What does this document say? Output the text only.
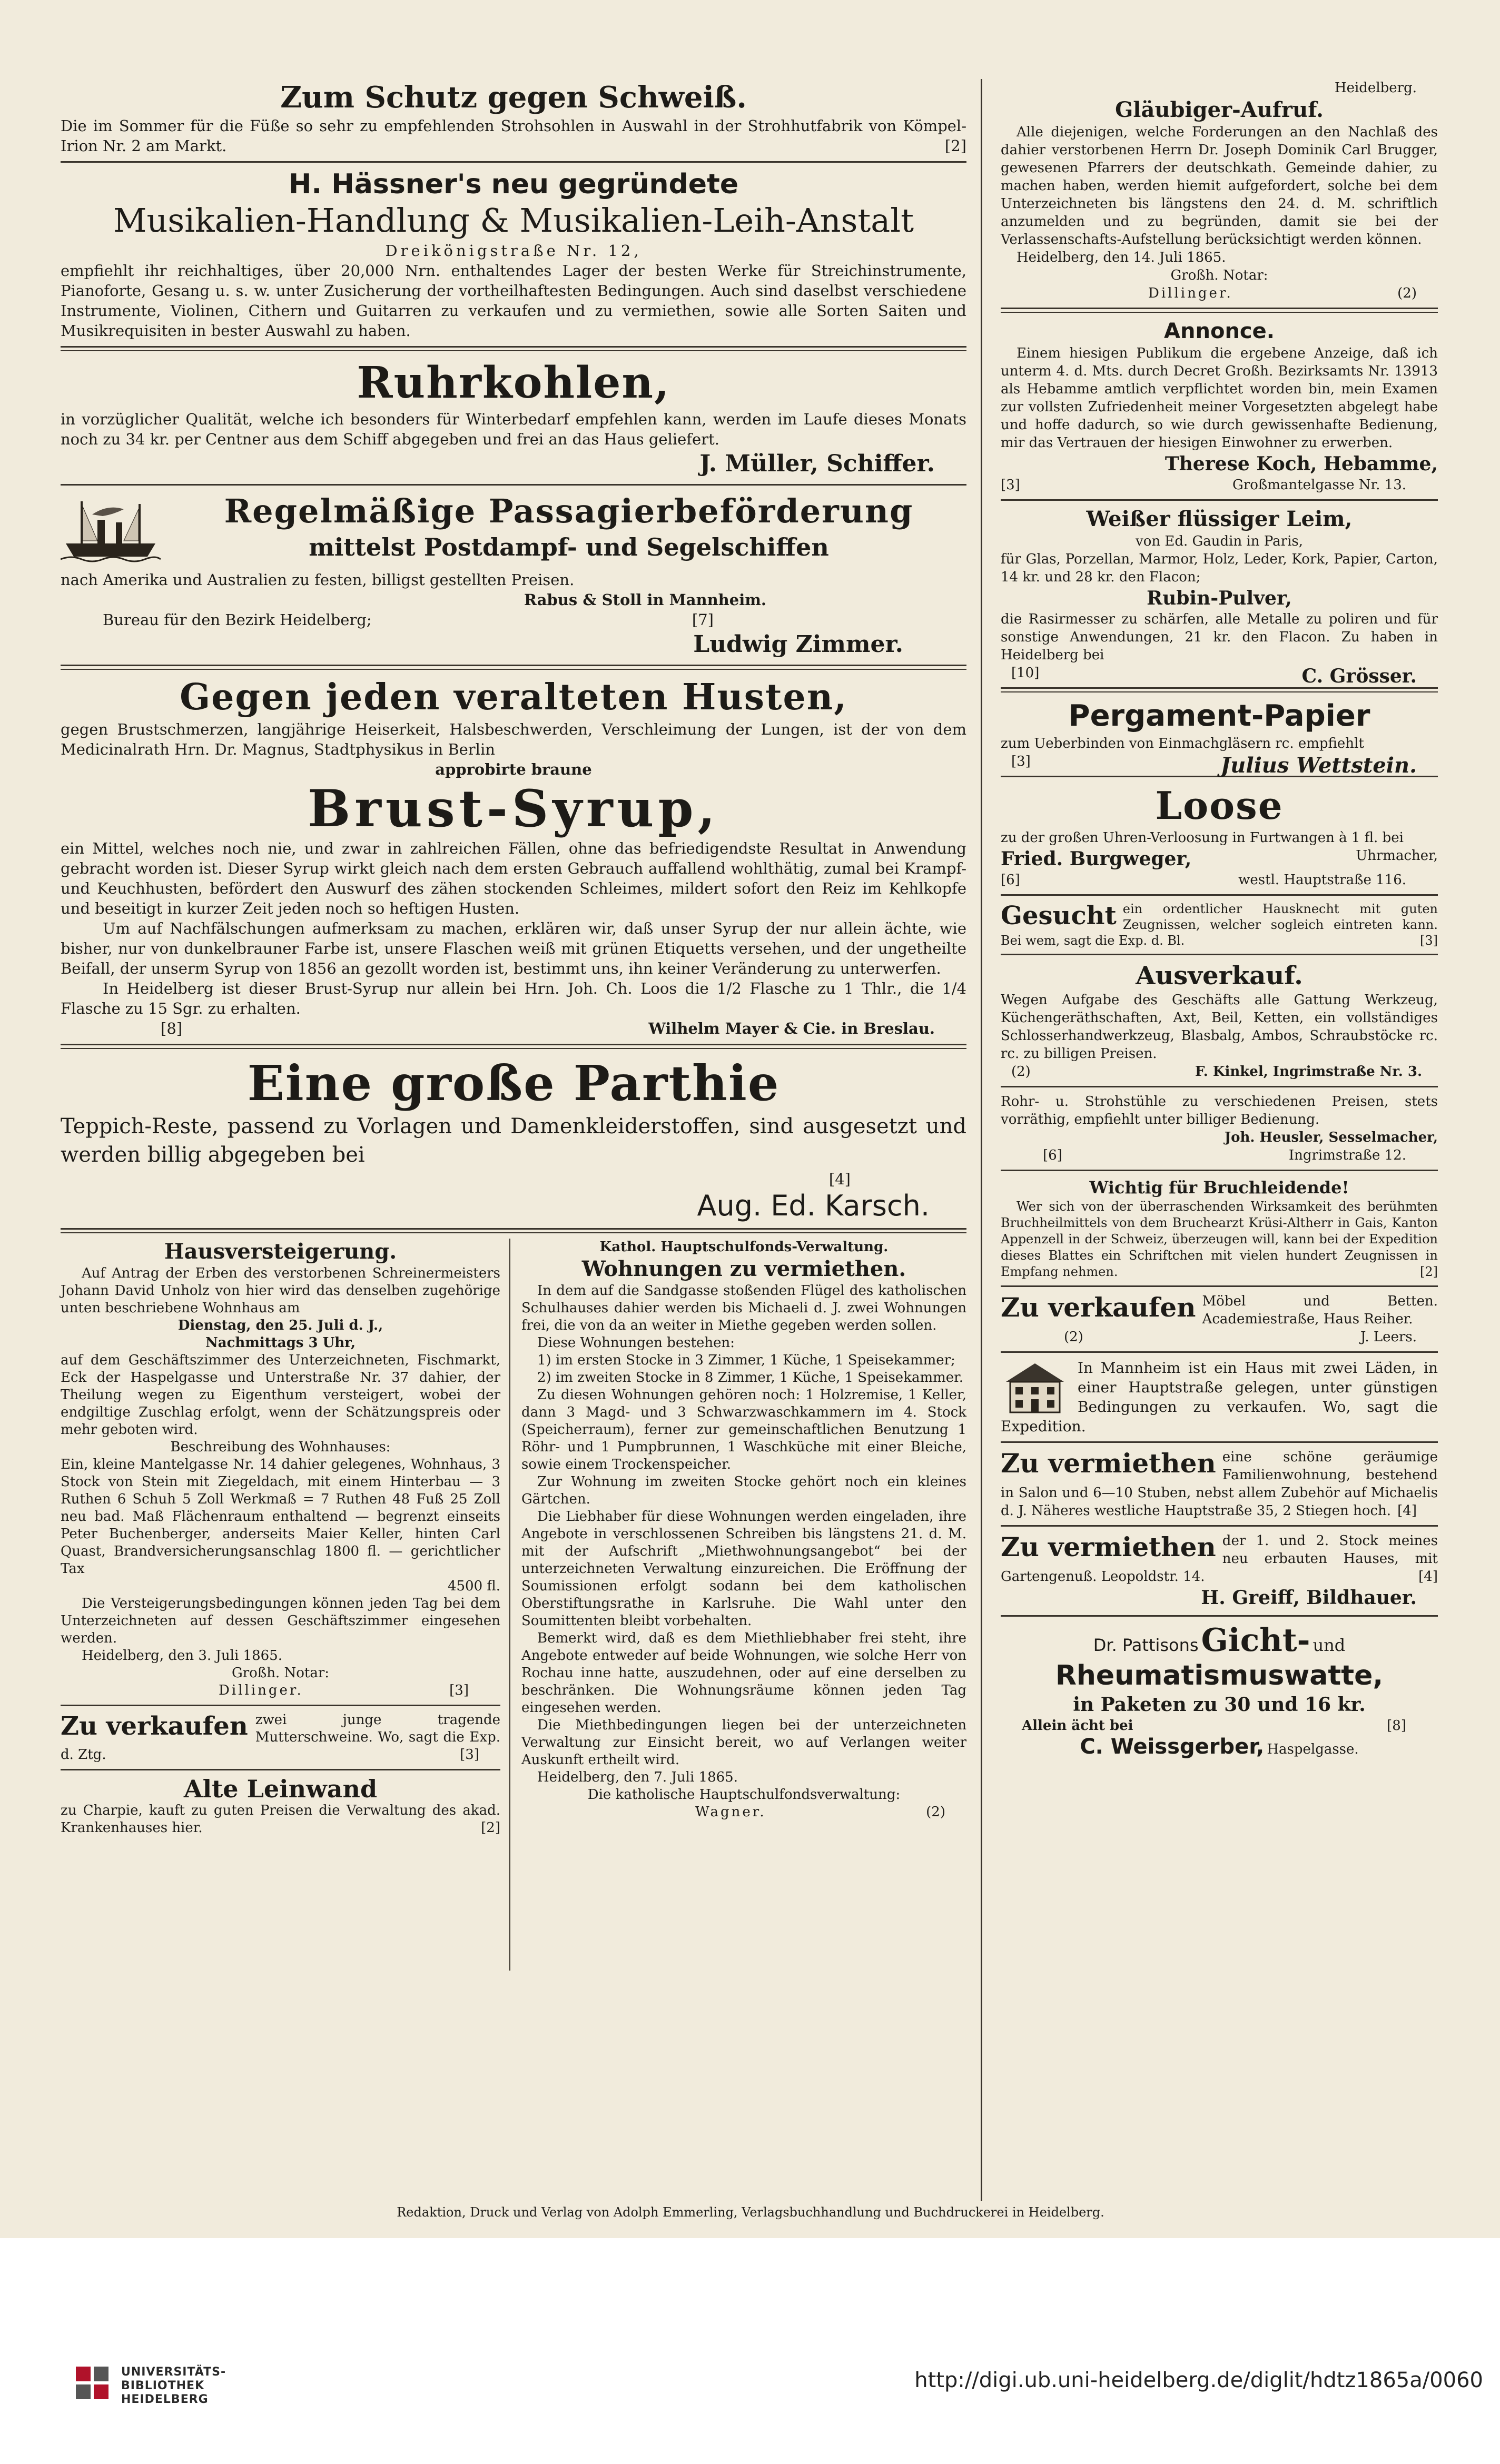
Zum Schutz gegen Schweiß.

Die im Sommer für die Füße so sehr zu empfehlenden Strohsohlen in Auswahl in der Strohhutfabrik von Kömpel-Irion Nr. 2 am Markt.	[2]

H. Hässner's neu gegründete

Musikalien-Handlung & Musikalien-Leih-Anstalt

Dreikönigstraße Nr. 12,

empfiehlt ihr reichhaltiges, über 20,000 Nrn. enthaltendes Lager der besten Werke für Streichinstrumente, Pianoforte, Gesang u. s. w. unter Zusicherung der vortheilhaftesten Bedingungen. Auch sind daselbst verschiedene Instrumente, Violinen, Cithern und Guitarren zu verkaufen und zu vermiethen, sowie alle Sorten Saiten und Musikrequisiten in bester Auswahl zu haben.

Ruhrkohlen,

in vorzüglicher Qualität, welche ich besonders für Winterbedarf empfehlen kann, werden im Laufe dieses Monats noch zu 34 kr. per Centner aus dem Schiff abgegeben und frei an das Haus geliefert.

J. Müller, Schiffer.

Regelmäßige Passagierbeförderung

mittelst Postdampf- und Segelschiffen

nach Amerika und Australien zu festen, billigst gestellten Preisen.

Rabus & Stoll in Mannheim.

Bureau für den Bezirk Heidelberg;	[7]

Ludwig Zimmer.

Gegen jeden veralteten Husten,

gegen Brustschmerzen, langjährige Heiserkeit, Halsbeschwerden, Verschleimung der Lungen, ist der von dem Medicinalrath Hrn. Dr. Magnus, Stadtphysikus in Berlin

approbirte braune

Brust-Syrup,

ein Mittel, welches noch nie, und zwar in zahlreichen Fällen, ohne das befriedigendste Resultat in Anwendung gebracht worden ist. Dieser Syrup wirkt gleich nach dem ersten Gebrauch auffallend wohlthätig, zumal bei Krampf- und Keuchhusten, befördert den Auswurf des zähen stockenden Schleimes, mildert sofort den Reiz im Kehlkopfe und beseitigt in kurzer Zeit jeden noch so heftigen Husten.

Um auf Nachfälschungen aufmerksam zu machen, erklären wir, daß unser Syrup der nur allein ächte, wie bisher, nur von dunkelbrauner Farbe ist, unsere Flaschen weiß mit grünen Etiquetts versehen, und der ungetheilte Beifall, der unserm Syrup von 1856 an gezollt worden ist, bestimmt uns, ihn keiner Veränderung zu unterwerfen.

In Heidelberg ist dieser Brust-Syrup nur allein bei Hrn. Joh. Ch. Loos die 1/2 Flasche zu 1 Thlr., die 1/4 Flasche zu 15 Sgr. zu erhalten.

[8]	Wilhelm Mayer & Cie. in Breslau.

Eine große Parthie

Teppich-Reste, passend zu Vorlagen und Damenkleiderstoffen, sind ausgesetzt und werden billig abgegeben bei

[4]

Aug. Ed. Karsch.

Hausversteigerung.

Auf Antrag der Erben des verstorbenen Schreinermeisters Johann David Unholz von hier wird das denselben zugehörige unten beschriebene Wohnhaus am

Dienstag, den 25. Juli d. J.,

Nachmittags 3 Uhr,

auf dem Geschäftszimmer des Unterzeichneten, Fischmarkt, Eck der Haspelgasse und Unterstraße Nr. 37 dahier, der Theilung wegen zu Eigenthum versteigert, wobei der endgiltige Zuschlag erfolgt, wenn der Schätzungspreis oder mehr geboten wird.

Beschreibung des Wohnhauses:

Ein, kleine Mantelgasse Nr. 14 dahier gelegenes, Wohnhaus, 3 Stock von Stein mit Ziegeldach, mit einem Hinterbau — 3 Ruthen 6 Schuh 5 Zoll Werkmaß = 7 Ruthen 48 Fuß 25 Zoll neu bad. Maß Flächenraum enthaltend — begrenzt einseits Peter Buchenberger, anderseits Maier Keller, hinten Carl Quast, Brandversicherungsanschlag 1800 fl. — gerichtlicher Tax

4500 fl.

Die Versteigerungsbedingungen können jeden Tag bei dem Unterzeichneten auf dessen Geschäftszimmer eingesehen werden.

Heidelberg, den 3. Juli 1865.

Großh. Notar:

Dillinger.	[3]

Zu verkaufen zwei junge tragende Mutterschweine. Wo, sagt die Exp. d. Ztg.	[3]

Alte Leinwand

zu Charpie, kauft zu guten Preisen die Verwaltung des akad. Krankenhauses hier.	[2]

Kathol. Hauptschulfonds-Verwaltung.

Wohnungen zu vermiethen.

In dem auf die Sandgasse stoßenden Flügel des katholischen Schulhauses dahier werden bis Michaeli d. J. zwei Wohnungen frei, die von da an weiter in Miethe gegeben werden sollen.

Diese Wohnungen bestehen:

1) im ersten Stocke in 3 Zimmer, 1 Küche, 1 Speisekammer;

2) im zweiten Stocke in 8 Zimmer, 1 Küche, 1 Speisekammer.

Zu diesen Wohnungen gehören noch: 1 Holzremise, 1 Keller, dann 3 Magd- und 3 Schwarzwaschkammern im 4. Stock (Speicherraum), ferner zur gemeinschaftlichen Benutzung 1 Röhr- und 1 Pumpbrunnen, 1 Waschküche mit einer Bleiche, sowie einem Trockenspeicher.

Zur Wohnung im zweiten Stocke gehört noch ein kleines Gärtchen.

Die Liebhaber für diese Wohnungen werden eingeladen, ihre Angebote in verschlossenen Schreiben bis längstens 21. d. M. mit der Aufschrift „Miethwohnungsangebot“ bei der unterzeichneten Verwaltung einzureichen. Die Eröffnung der Soumissionen erfolgt sodann bei dem katholischen Oberstiftungsrathe in Karlsruhe. Die Wahl unter den Soumittenten bleibt vorbehalten.

Bemerkt wird, daß es dem Miethliebhaber frei steht, ihre Angebote entweder auf beide Wohnungen, wie solche Herr von Rochau inne hatte, auszudehnen, oder auf eine derselben zu beschränken. Die Wohnungsräume können jeden Tag eingesehen werden.

Die Miethbedingungen liegen bei der unterzeichneten Verwaltung zur Einsicht bereit, wo auf Verlangen weiter Auskunft ertheilt wird.

Heidelberg, den 7. Juli 1865.

Die katholische Hauptschulfondsverwaltung:

Wagner.	(2)

Heidelberg.

Gläubiger-Aufruf.

Alle diejenigen, welche Forderungen an den Nachlaß des dahier verstorbenen Herrn Dr. Joseph Dominik Carl Brugger, gewesenen Pfarrers der deutschkath. Gemeinde dahier, zu machen haben, werden hiemit aufgefordert, solche bei dem Unterzeichneten bis längstens den 24. d. M. schriftlich anzumelden und zu begründen, damit sie bei der Verlassenschafts-Aufstellung berücksichtigt werden können.

Heidelberg, den 14. Juli 1865.

Großh. Notar:

Dillinger.	(2)

Annonce.

Einem hiesigen Publikum die ergebene Anzeige, daß ich unterm 4. d. Mts. durch Decret Großh. Bezirksamts Nr. 13913 als Hebamme amtlich verpflichtet worden bin, mein Examen zur vollsten Zufriedenheit meiner Vorgesetzten abgelegt habe und hoffe dadurch, so wie durch gewissenhafte Bedienung, mir das Vertrauen der hiesigen Einwohner zu erwerben.

Therese Koch, Hebamme,

[3]	Großmantelgasse Nr. 13.

Weißer flüssiger Leim,

von Ed. Gaudin in Paris,

für Glas, Porzellan, Marmor, Holz, Leder, Kork, Papier, Carton, 14 kr. und 28 kr. den Flacon;

Rubin-Pulver,

die Rasirmesser zu schärfen, alle Metalle zu poliren und für sonstige Anwendungen, 21 kr. den Flacon. Zu haben in Heidelberg bei

[10]	C. Grösser.

Pergament-Papier

zum Ueberbinden von Einmachgläsern rc. empfiehlt

[3]	Julius Wettstein.

Loose

zu der großen Uhren-Verloosung in Furtwangen à 1 fl. bei

Fried. Burgweger,	Uhrmacher,

[6]	westl. Hauptstraße 116.

Gesucht ein ordentlicher Hausknecht mit guten Zeugnissen, welcher sogleich eintreten kann. Bei wem, sagt die Exp. d. Bl.	[3]

Ausverkauf.

Wegen Aufgabe des Geschäfts alle Gattung Werkzeug, Küchengeräthschaften, Axt, Beil, Ketten, ein vollständiges Schlosserhandwerkzeug, Blasbalg, Ambos, Schraubstöcke rc. rc. zu billigen Preisen.

(2)	F. Kinkel, Ingrimstraße Nr. 3.

Rohr- u. Strohstühle zu verschiedenen Preisen, stets vorräthig, empfiehlt unter billiger Bedienung.

Joh. Heusler, Sesselmacher,

[6]	Ingrimstraße 12.

Wichtig für Bruchleidende!

Wer sich von der überraschenden Wirksamkeit des berühmten Bruchheilmittels von dem Bruchearzt Krüsi-Altherr in Gais, Kanton Appenzell in der Schweiz, überzeugen will, kann bei der Expedition dieses Blattes ein Schriftchen mit vielen hundert Zeugnissen in Empfang nehmen.	[2]

Zu verkaufen Möbel und Betten. Academiestraße, Haus Reiher.

(2)	J. Leers.

In Mannheim ist ein Haus mit zwei Läden, in einer Hauptstraße gelegen, unter günstigen Bedingungen zu verkaufen. Wo, sagt die Expedition.

Zu vermiethen eine schöne geräumige Familienwohnung, bestehend in Salon und 6—10 Stuben, nebst allem Zubehör auf Michaelis d. J. Näheres westliche Hauptstraße 35, 2 Stiegen hoch. [4]

Zu vermiethen der 1. und 2. Stock meines neu erbauten Hauses, mit Gartengenuß. Leopoldstr. 14.	[4]

H. Greiff, Bildhauer.

Dr. Pattisons Gicht- und

Rheumatismuswatte,

in Paketen zu 30 und 16 kr.

Allein ächt bei	[8]

C. Weissgerber, Haspelgasse.

Redaktion, Druck und Verlag von Adolph Emmerling, Verlagsbuchhandlung und Buchdruckerei in Heidelberg.

UNIVERSITÄTS-
BIBLIOTHEK
HEIDELBERG
http://digi.ub.uni-heidelberg.de/diglit/hdtz1865a/0060
